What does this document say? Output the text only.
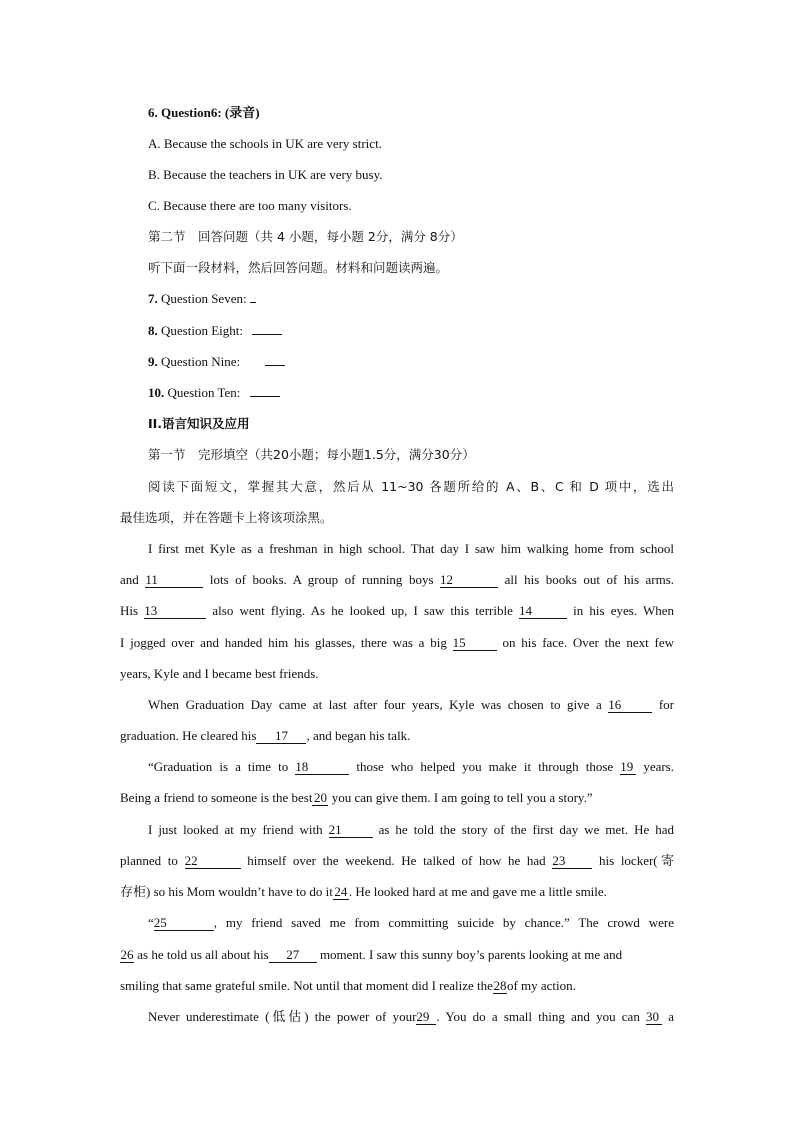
6. Question6: (录音)
A. Because the schools in UK are very strict.
B. Because the teachers in UK are very busy.
C. Because there are too many visitors.
第二节　回答问题（共 4 小题，每小题 2分，满分 8分）
听下面一段材料，然后回答问题。材料和问题读两遍。
7. Question Seven:
8. Question Eight:
9. Question Nine:
10. Question Ten:
II.语言知识及应用
第一节　完形填空（共20小题；每小题1.5分，满分30分）
阅读下面短文，掌握其大意，然后从 11~30 各题所给的 A、B、C 和 D 项中，选出
最佳选项，并在答题卡上将该项涂黑。
I first met Kyle as a freshman in high school. That day I saw him walking home from school
and 11	lots of books. A group of running boys 12	all his books out of his arms.
His 13	also went flying. As he looked up, I saw this terrible 14	in his eyes. When
I jogged over and handed him his glasses, there was a big 15	on his face. Over the next few
years, Kyle and I became best friends.
When Graduation Day came at last after four years, Kyle was chosen to give a 16	for
graduation. He cleared his 17 , and began his talk.
“Graduation is a time to 18	those who helped you make it through those 19 years.
Being a friend to someone is the best 20 you can give them. I am going to tell you a story.”
I just looked at my friend with 21	as he told the story of the first day we met. He had
planned to 22	himself over the weekend. He talked of how he had 23	his locker(寄
存柜) so his Mom wouldn’t have to do it 24 . He looked hard at me and gave me a little smile.
“25	, my friend saved me from committing suicide by chance.” The crowd were
26 as he told us all about his 27 moment. I saw this sunny boy’s parents looking at me and
smiling that same grateful smile. Not until that moment did I realize the28of my action.
Never underestimate (低估) the power of your29 . You do a small thing and you can 30 a
